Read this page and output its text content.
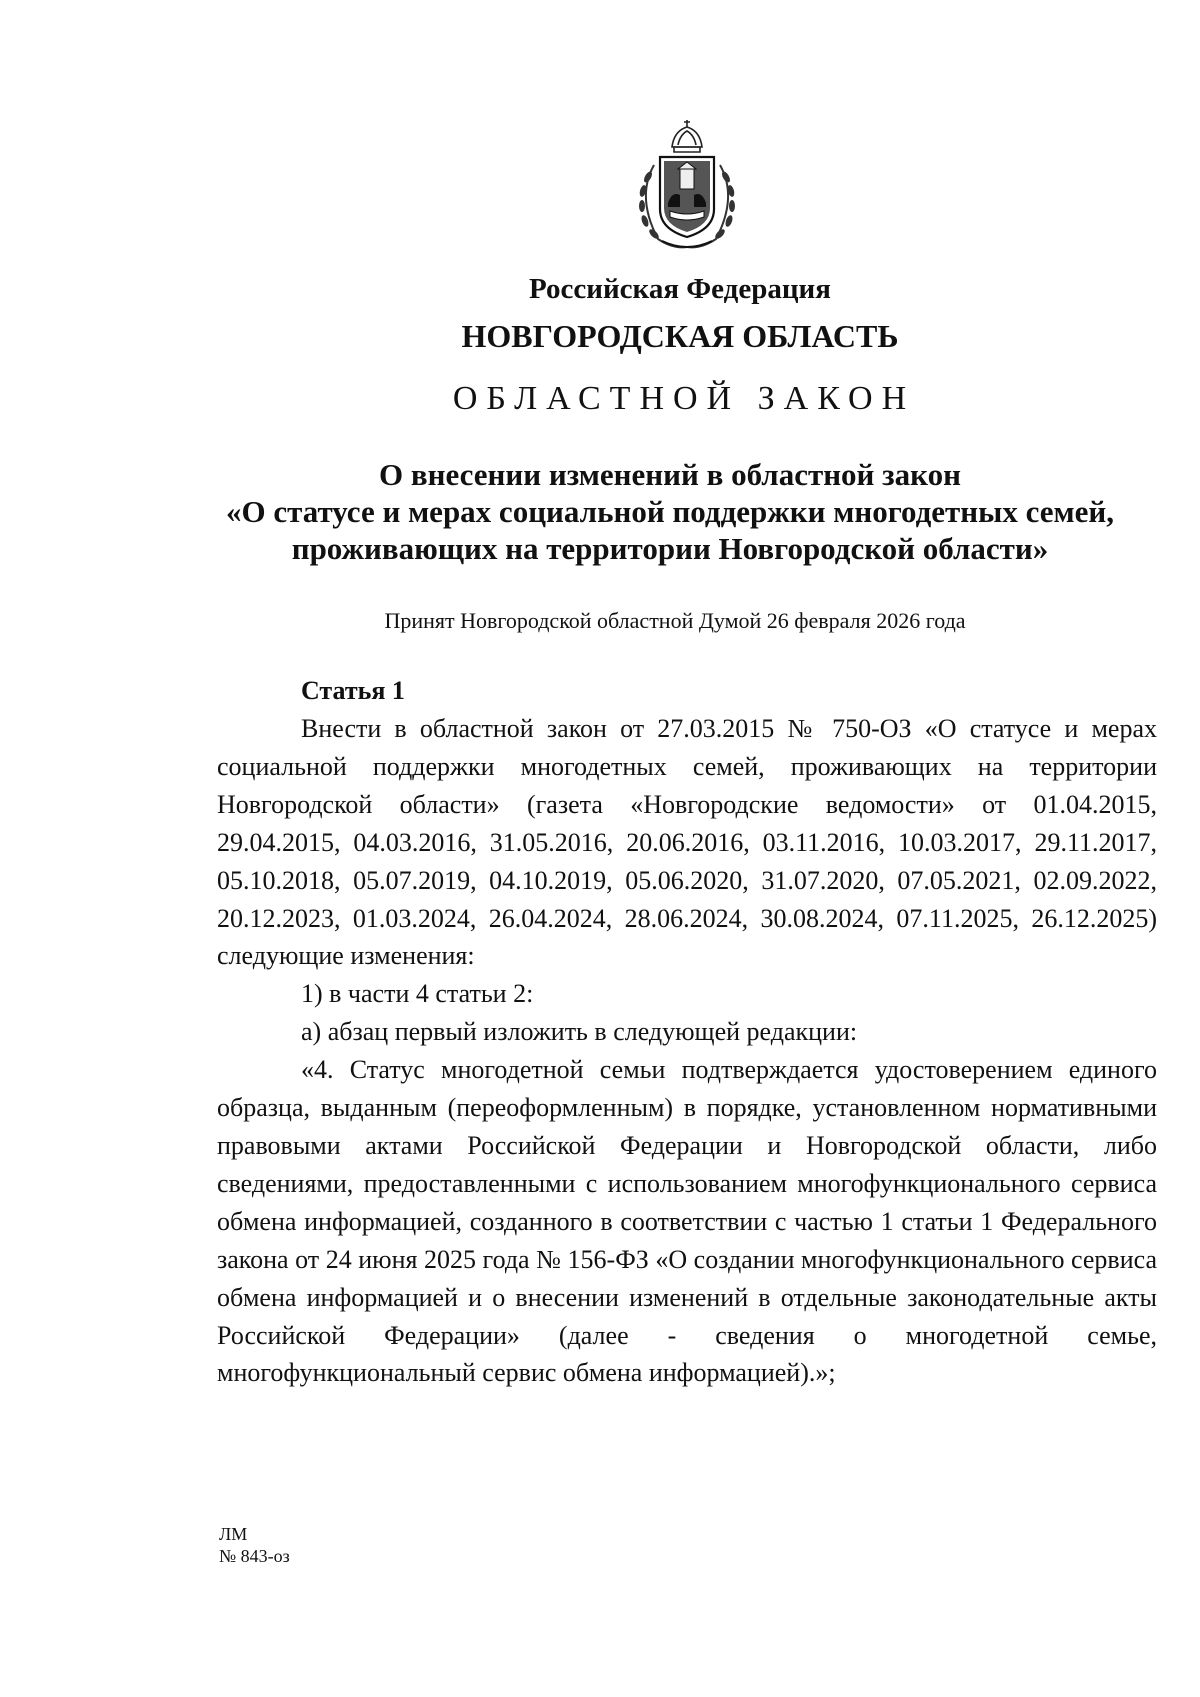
Российская Федерация
НОВГОРОДСКАЯ ОБЛАСТЬ
ОБЛАСТНОЙ ЗАКОН
О внесении изменений в областной закон
«О статусе и мерах социальной поддержки многодетных семей,
проживающих на территории Новгородской области»
Принят Новгородской областной Думой 26 февраля 2026 года
Статья 1

Внести в областной закон от 27.03.2015 № 750-ОЗ «О статусе и мерах социальной поддержки многодетных семей, проживающих на территории Новгородской области» (газета «Новгородские ведомости» от 01.04.2015, 29.04.2015, 04.03.2016, 31.05.2016, 20.06.2016, 03.11.2016, 10.03.2017, 29.11.2017, 05.10.2018, 05.07.2019, 04.10.2019, 05.06.2020, 31.07.2020, 07.05.2021, 02.09.2022, 20.12.2023, 01.03.2024, 26.04.2024, 28.06.2024, 30.08.2024, 07.11.2025, 26.12.2025) следующие изменения:

1) в части 4 статьи 2:

а) абзац первый изложить в следующей редакции:

«4. Статус многодетной семьи подтверждается удостоверением единого образца, выданным (переоформленным) в порядке, установленном нормативными правовыми актами Российской Федерации и Новгородской области, либо сведениями, предоставленными с использованием многофункционального сервиса обмена информацией, созданного в соответствии с частью 1 статьи 1 Федерального закона от 24 июня 2025 года № 156-ФЗ «О создании многофункционального сервиса обмена информацией и о внесении изменений в отдельные законодательные акты Российской Федерации» (далее - сведения о многодетной семье, многофункциональный сервис обмена информацией).»;

ЛМ
№ 843-оз
